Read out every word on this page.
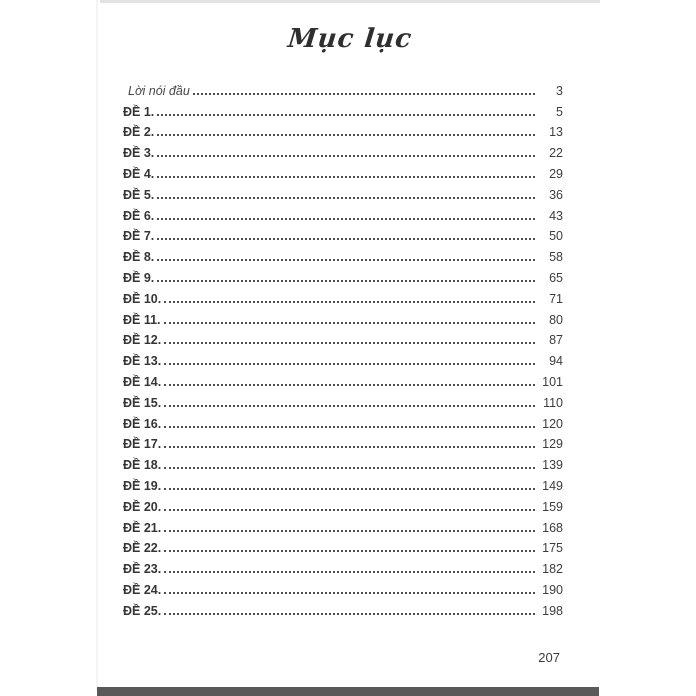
Mục lục
Lời nói đầu	3
ĐỀ 1.	5
ĐỀ 2.	13
ĐỀ 3.	22
ĐỀ 4.	29
ĐỀ 5.	36
ĐỀ 6.	43
ĐỀ 7.	50
ĐỀ 8.	58
ĐỀ 9.	65
ĐỀ 10.	71
ĐỀ 11.	80
ĐỀ 12.	87
ĐỀ 13.	94
ĐỀ 14.	101
ĐỀ 15.	110
ĐỀ 16.	120
ĐỀ 17.	129
ĐỀ 18.	139
ĐỀ 19.	149
ĐỀ 20.	159
ĐỀ 21.	168
ĐỀ 22.	175
ĐỀ 23.	182
ĐỀ 24.	190
ĐỀ 25.	198
207
